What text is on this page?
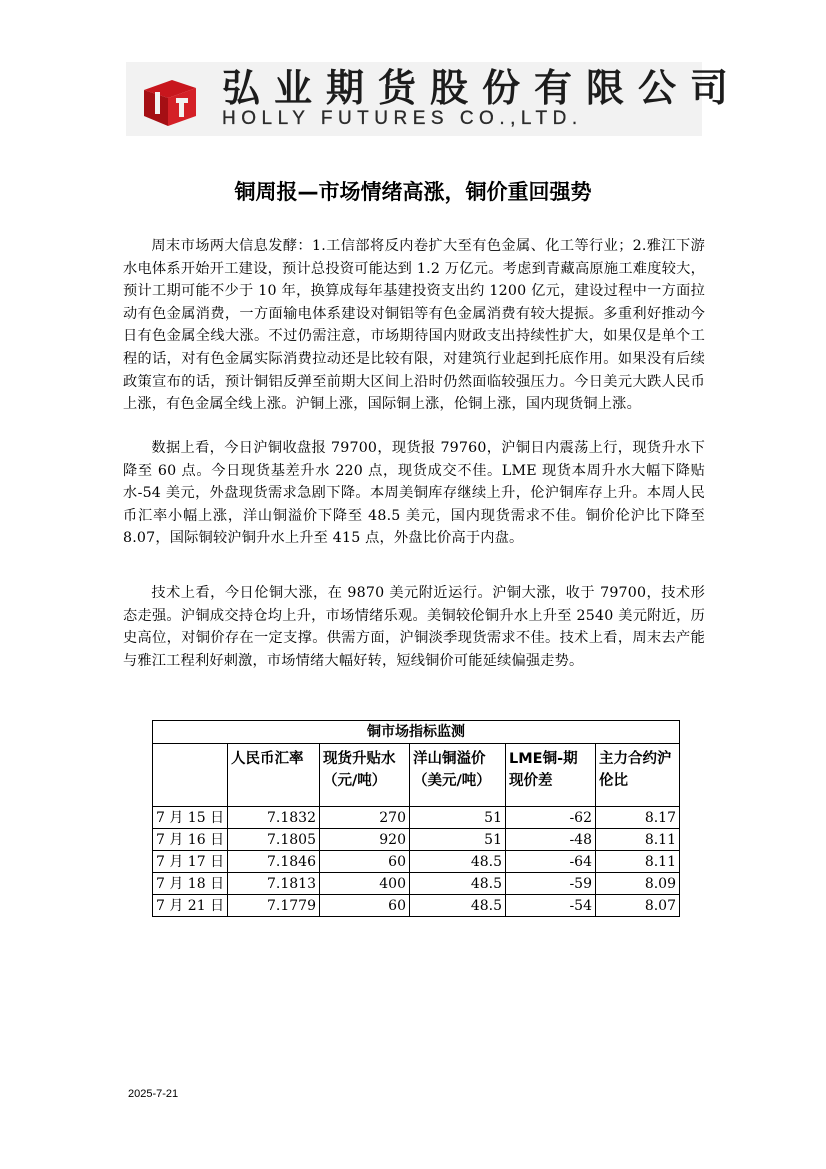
弘业期货股份有限公司
HOLLY FUTURES CO.,LTD.
铜周报—市场情绪高涨，铜价重回强势

周末市场两大信息发酵：1.工信部将反内卷扩大至有色金属、化工等行业；2.雅江下游水电体系开始开工建设，预计总投资可能达到 1.2 万亿元。考虑到青藏高原施工难度较大，预计工期可能不少于 10 年，换算成每年基建投资支出约 1200 亿元，建设过程中一方面拉动有色金属消费，一方面输电体系建设对铜铝等有色金属消费有较大提振。多重利好推动今日有色金属全线大涨。不过仍需注意，市场期待国内财政支出持续性扩大，如果仅是单个工程的话，对有色金属实际消费拉动还是比较有限，对建筑行业起到托底作用。如果没有后续政策宣布的话，预计铜铝反弹至前期大区间上沿时仍然面临较强压力。今日美元大跌人民币上涨，有色金属全线上涨。沪铜上涨，国际铜上涨，伦铜上涨，国内现货铜上涨。

数据上看，今日沪铜收盘报 79700，现货报 79760，沪铜日内震荡上行，现货升水下降至 60 点。今日现货基差升水 220 点，现货成交不佳。LME 现货本周升水大幅下降贴水-54 美元，外盘现货需求急剧下降。本周美铜库存继续上升，伦沪铜库存上升。本周人民币汇率小幅上涨，洋山铜溢价下降至 48.5 美元，国内现货需求不佳。铜价伦沪比下降至 8.07，国际铜较沪铜升水上升至 415 点，外盘比价高于内盘。

技术上看，今日伦铜大涨，在 9870 美元附近运行。沪铜大涨，收于 79700，技术形态走强。沪铜成交持仓均上升，市场情绪乐观。美铜较伦铜升水上升至 2540 美元附近，历史高位，对铜价存在一定支撑。供需方面，沪铜淡季现货需求不佳。技术上看，周末去产能与雅江工程利好刺激，市场情绪大幅好转，短线铜价可能延续偏强走势。

铜市场指标监测					
	人民币汇率	现货升贴水（元/吨）	洋山铜溢价（美元/吨）	LME铜-期现价差	主力合约沪伦比
7 月 15 日	7.1832	270	51	-62	8.17
7 月 16 日	7.1805	920	51	-48	8.11
7 月 17 日	7.1846	60	48.5	-64	8.11
7 月 18 日	7.1813	400	48.5	-59	8.09
7 月 21 日	7.1779	60	48.5	-54	8.07
2025-7-21
